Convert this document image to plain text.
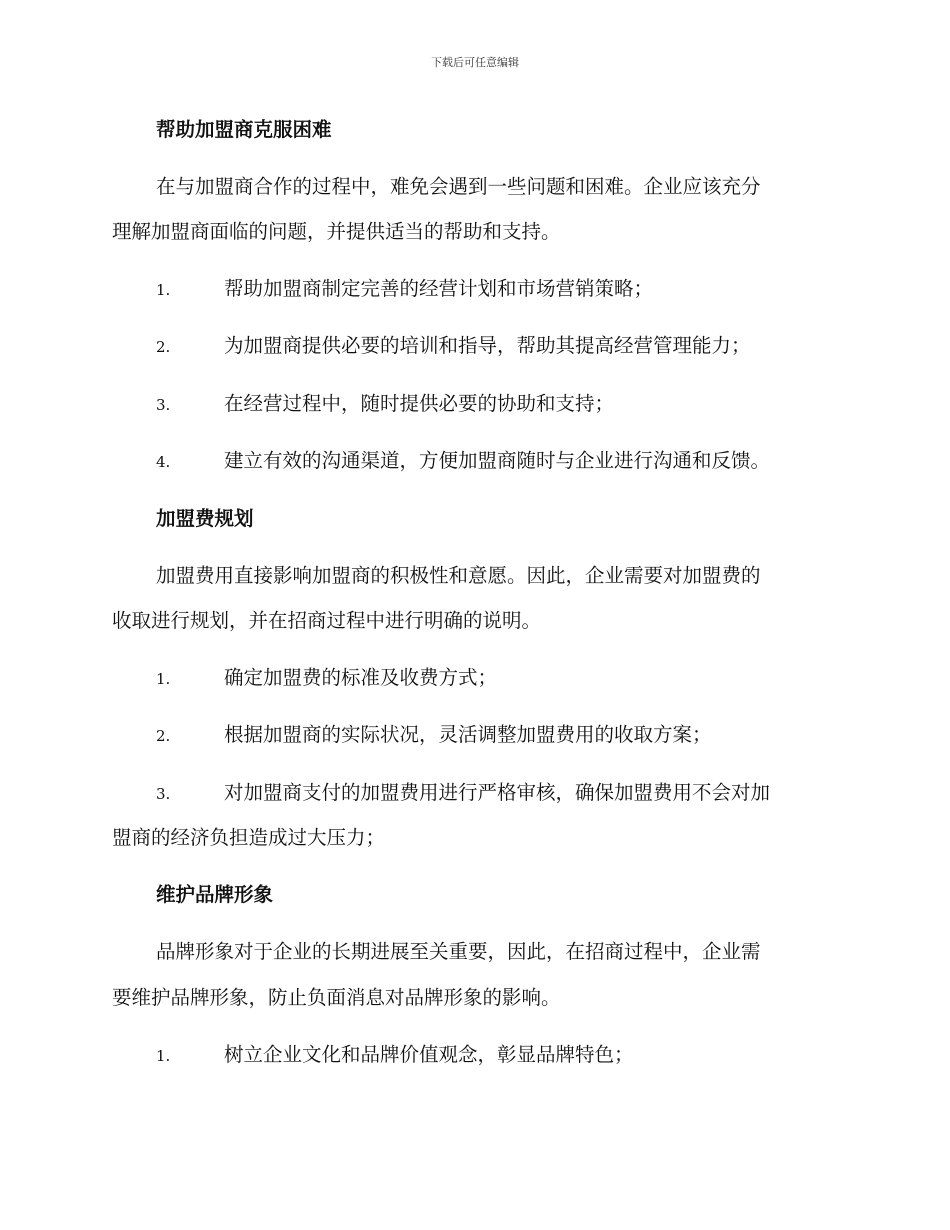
下载后可任意编辑
帮助加盟商克服困难
在与加盟商合作的过程中，难免会遇到一些问题和困难。企业应该充分
理解加盟商面临的问题，并提供适当的帮助和支持。
1.	帮助加盟商制定完善的经营计划和市场营销策略；
2.	为加盟商提供必要的培训和指导，帮助其提高经营管理能力；
3.	在经营过程中，随时提供必要的协助和支持；
4.	建立有效的沟通渠道，方便加盟商随时与企业进行沟通和反馈。
加盟费规划
加盟费用直接影响加盟商的积极性和意愿。因此，企业需要对加盟费的
收取进行规划，并在招商过程中进行明确的说明。
1.	确定加盟费的标准及收费方式；
2.	根据加盟商的实际状况，灵活调整加盟费用的收取方案；
3.	对加盟商支付的加盟费用进行严格审核，确保加盟费用不会对加
盟商的经济负担造成过大压力；
维护品牌形象
品牌形象对于企业的长期进展至关重要，因此，在招商过程中，企业需
要维护品牌形象，防止负面消息对品牌形象的影响。
1.	树立企业文化和品牌价值观念，彰显品牌特色；
